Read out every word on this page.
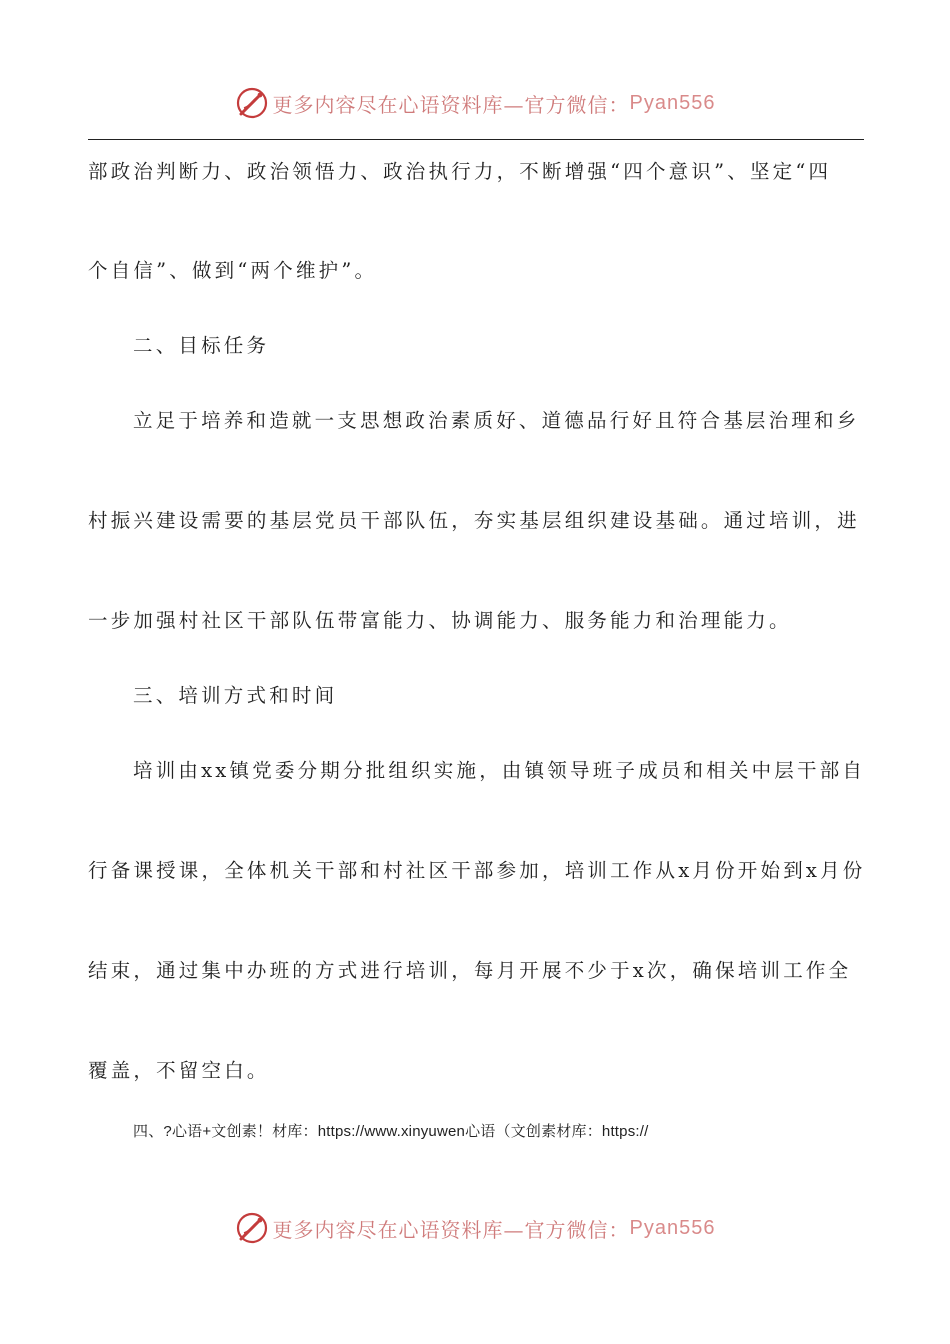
更多内容尽在心语资料库—官方微信： Pyan556
部政治判断力、政治领悟力、政治执行力，不断增强“四个意识”、坚定“四
个自信”、做到“两个维护”。
二、目标任务
立足于培养和造就一支思想政治素质好、道德品行好且符合基层治理和乡
村振兴建设需要的基层党员干部队伍，夯实基层组织建设基础。通过培训，进
一步加强村社区干部队伍带富能力、协调能力、服务能力和治理能力。
三、培训方式和时间
培训由xx镇党委分期分批组织实施，由镇领导班子成员和相关中层干部自
行备课授课，全体机关干部和村社区干部参加，培训工作从x月份开始到x月份
结束，通过集中办班的方式进行培训，每月开展不少于x次，确保培训工作全
覆盖，不留空白。
四、?心语+文创素！材库：https://www.xinyuwen心语（文创素材库：https://
更多内容尽在心语资料库—官方微信： Pyan556
